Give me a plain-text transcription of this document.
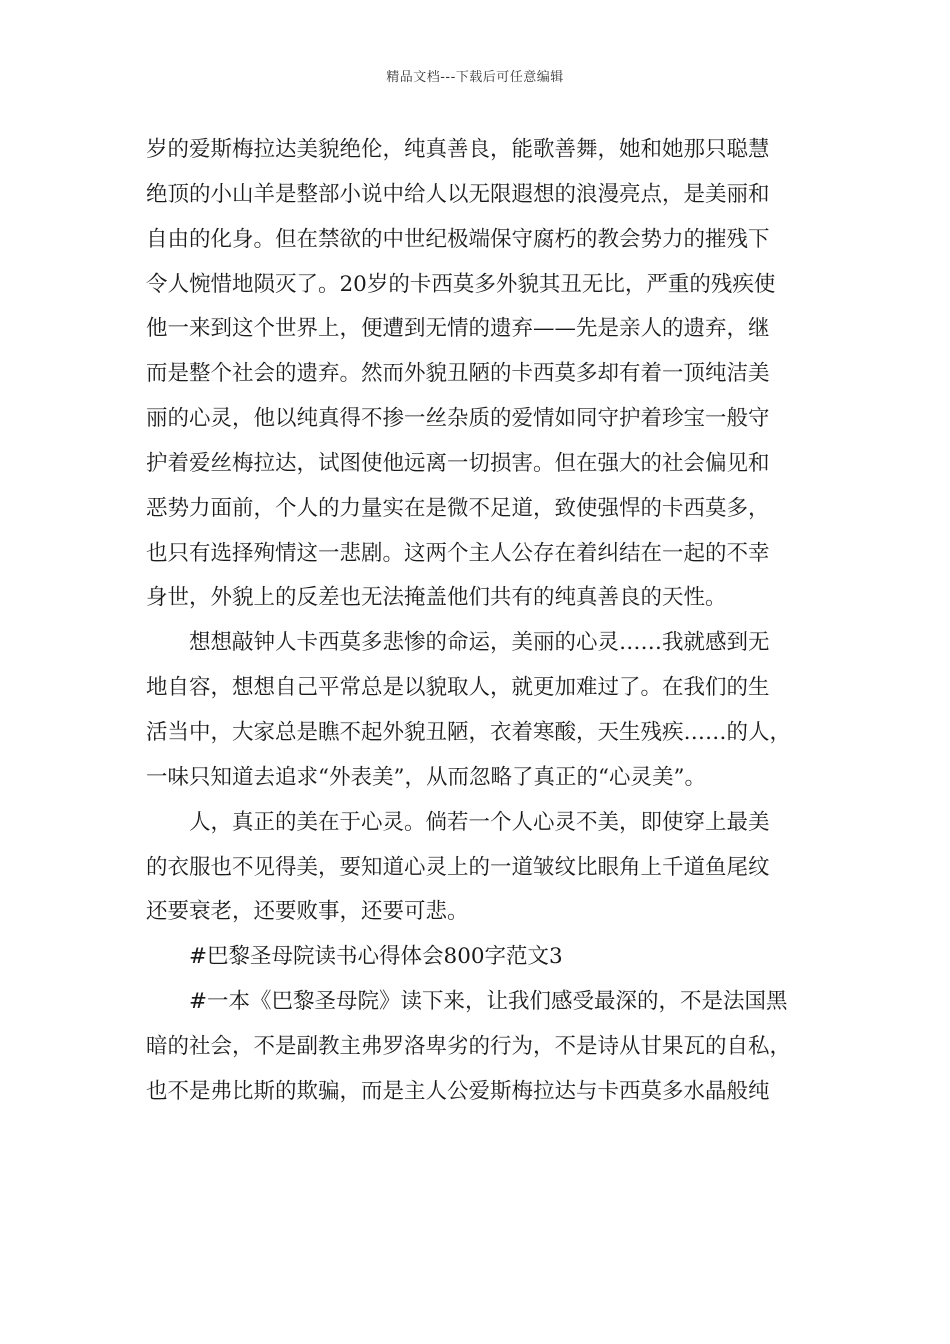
精品文档---下载后可任意编辑
岁的爱斯梅拉达美貌绝伦，纯真善良，能歌善舞，她和她那只聪慧
绝顶的小山羊是整部小说中给人以无限遐想的浪漫亮点，是美丽和
自由的化身。但在禁欲的中世纪极端保守腐朽的教会势力的摧残下
令人惋惜地陨灭了。20岁的卡西莫多外貌其丑无比，严重的残疾使
他一来到这个世界上，便遭到无情的遗弃——先是亲人的遗弃，继
而是整个社会的遗弃。然而外貌丑陋的卡西莫多却有着一顶纯洁美
丽的心灵，他以纯真得不掺一丝杂质的爱情如同守护着珍宝一般守
护着爱丝梅拉达，试图使他远离一切损害。但在强大的社会偏见和
恶势力面前，个人的力量实在是微不足道，致使强悍的卡西莫多，
也只有选择殉情这一悲剧。这两个主人公存在着纠结在一起的不幸
身世，外貌上的反差也无法掩盖他们共有的纯真善良的天性。
想想敲钟人卡西莫多悲惨的命运，美丽的心灵……我就感到无
地自容，想想自己平常总是以貌取人，就更加难过了。在我们的生
活当中，大家总是瞧不起外貌丑陋，衣着寒酸，天生残疾……的人，
一味只知道去追求“外表美”，从而忽略了真正的“心灵美”。
人，真正的美在于心灵。倘若一个人心灵不美，即使穿上最美
的衣服也不见得美，要知道心灵上的一道皱纹比眼角上千道鱼尾纹
还要衰老，还要败事，还要可悲。
#巴黎圣母院读书心得体会800字范文3
#一本《巴黎圣母院》读下来，让我们感受最深的，不是法国黑
暗的社会，不是副教主弗罗洛卑劣的行为，不是诗从甘果瓦的自私，
也不是弗比斯的欺骗，而是主人公爱斯梅拉达与卡西莫多水晶般纯
